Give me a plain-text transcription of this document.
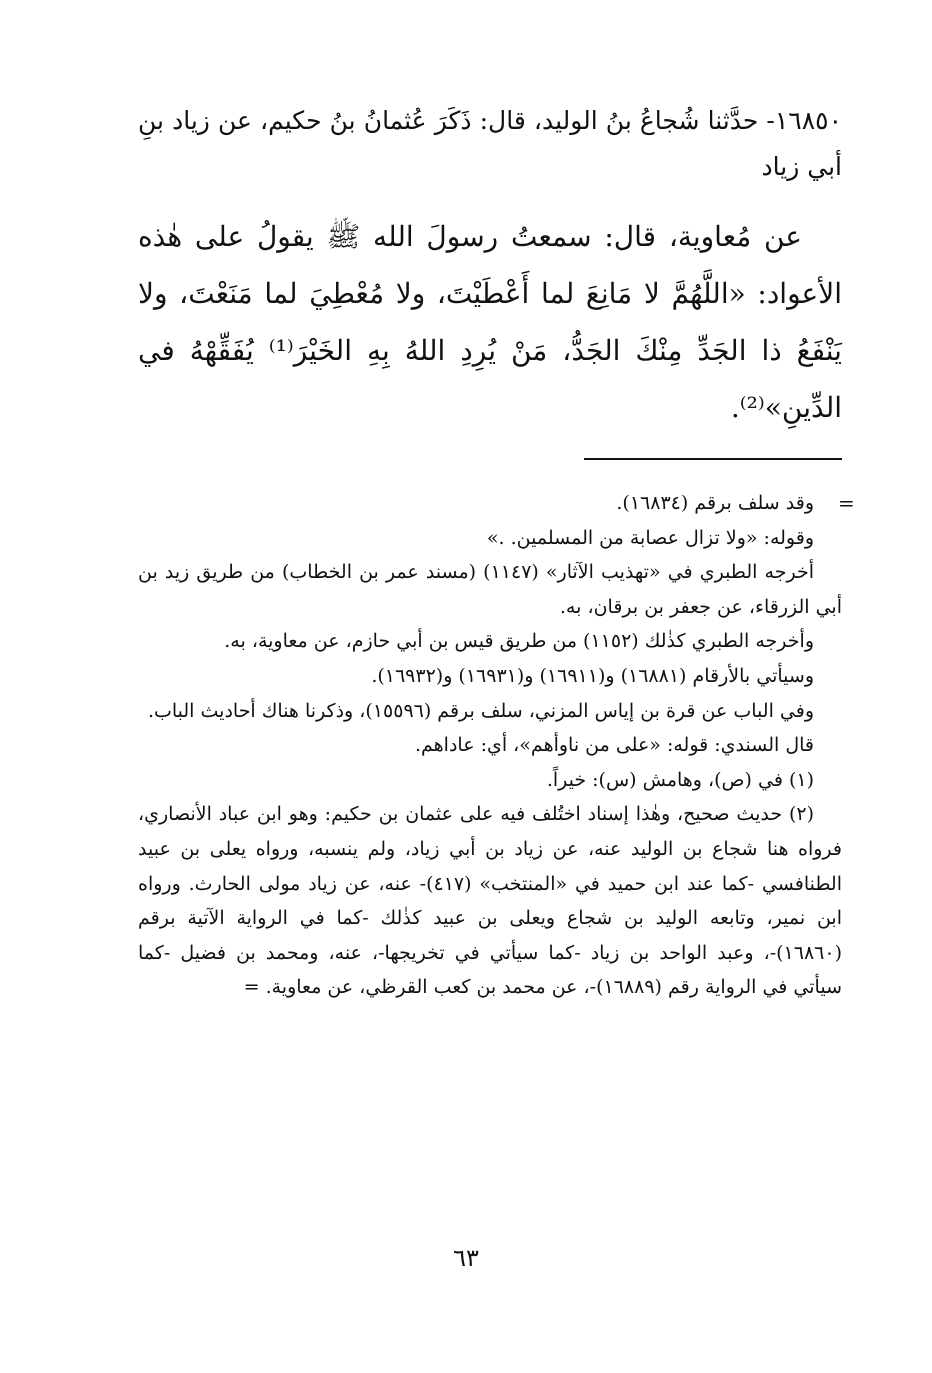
١٦٨٥٠- حدَّثنا شُجاعُ بنُ الوليد، قال: ذَكَرَ عُثمانُ بنُ حكيم، عن زياد بنِ أبي زياد

عن مُعاوية، قال: سمعتُ رسولَ الله ﷺ يقولُ على هٰذه الأعواد: «اللَّهُمَّ لا مَانِعَ لما أَعْطَيْتَ، ولا مُعْطِيَ لما مَنَعْتَ، ولا يَنْفَعُ ذا الجَدِّ مِنْكَ الجَدُّ، مَنْ يُرِدِ اللهُ بِهِ الخَيْرَ⁽¹⁾ يُفَقِّهْهُ في الدِّينِ»⁽²⁾.

وقد سلف برقم (١٦٨٣٤).

وقوله: «ولا تزال عصابة من المسلمين. .»

أخرجه الطبري في «تهذيب الآثار» (١١٤٧) (مسند عمر بن الخطاب) من طريق زيد بن أبي الزرقاء، عن جعفر بن برقان، به.

وأخرجه الطبري كذٰلك (١١٥٢) من طريق قيس بن أبي حازم، عن معاوية، به.

وسيأتي بالأرقام (١٦٨٨١) و(١٦٩١١) و(١٦٩٣١) و(١٦٩٣٢).

وفي الباب عن قرة بن إياس المزني، سلف برقم (١٥٥٩٦)، وذكرنا هناك أحاديث الباب.

قال السندي: قوله: «على من ناوأهم»، أي: عاداهم.

(١) في (ص)، وهامش (س): خيراً.

(٢) حديث صحيح، وهٰذا إسناد اختُلف فيه على عثمان بن حكيم: وهو ابن عباد الأنصاري، فرواه هنا شجاع بن الوليد عنه، عن زياد بن أبي زياد، ولم ينسبه، ورواه يعلى بن عبيد الطنافسي -كما عند ابن حميد في «المنتخب» (٤١٧)- عنه، عن زياد مولى الحارث. ورواه ابن نمير، وتابعه الوليد بن شجاع ويعلى بن عبيد كذٰلك -كما في الرواية الآتية برقم (١٦٨٦٠)-، وعبد الواحد بن زياد -كما سيأتي في تخريجها-، عنه، ومحمد بن فضيل -كما سيأتي في الرواية رقم (١٦٨٨٩)-، عن محمد بن كعب القرظي، عن معاوية. =

=
٦٣
